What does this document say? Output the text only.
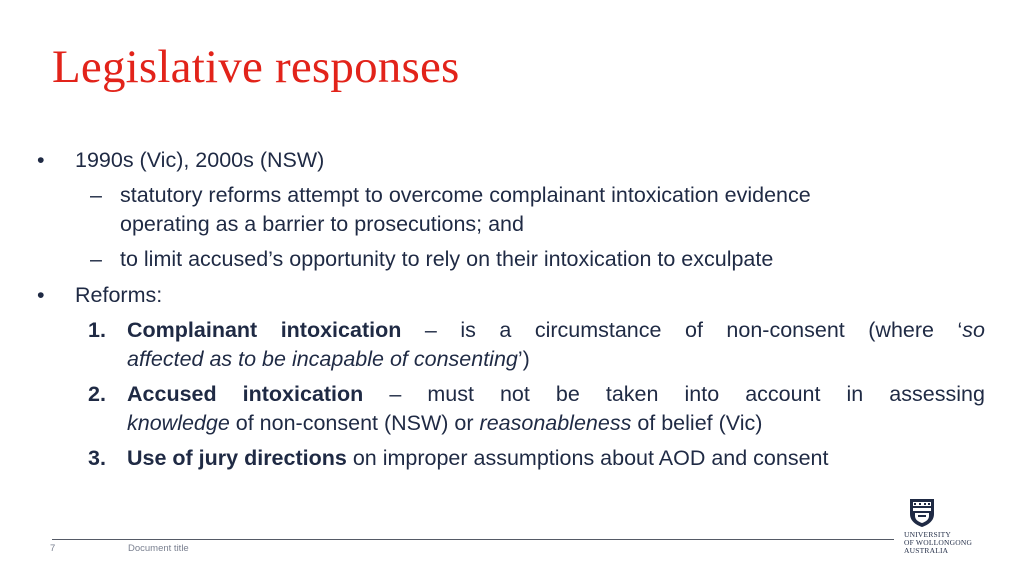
Legislative responses
• 1990s (Vic), 2000s (NSW)
– statutory reforms attempt to overcome complainant intoxication evidence
operating as a barrier to prosecutions; and
– to limit accused’s opportunity to rely on their intoxication to exculpate
• Reforms:
1. Complainant intoxication – is a circumstance of non-consent (where ‘so
affected as to be incapable of consenting’)
2. Accused intoxication – must not be taken into account in assessing
knowledge of non-consent (NSW) or reasonableness of belief (Vic)
3. Use of jury directions on improper assumptions about AOD and consent
7	Document title
UNIVERSITY
OF WOLLONGONG
AUSTRALIA
